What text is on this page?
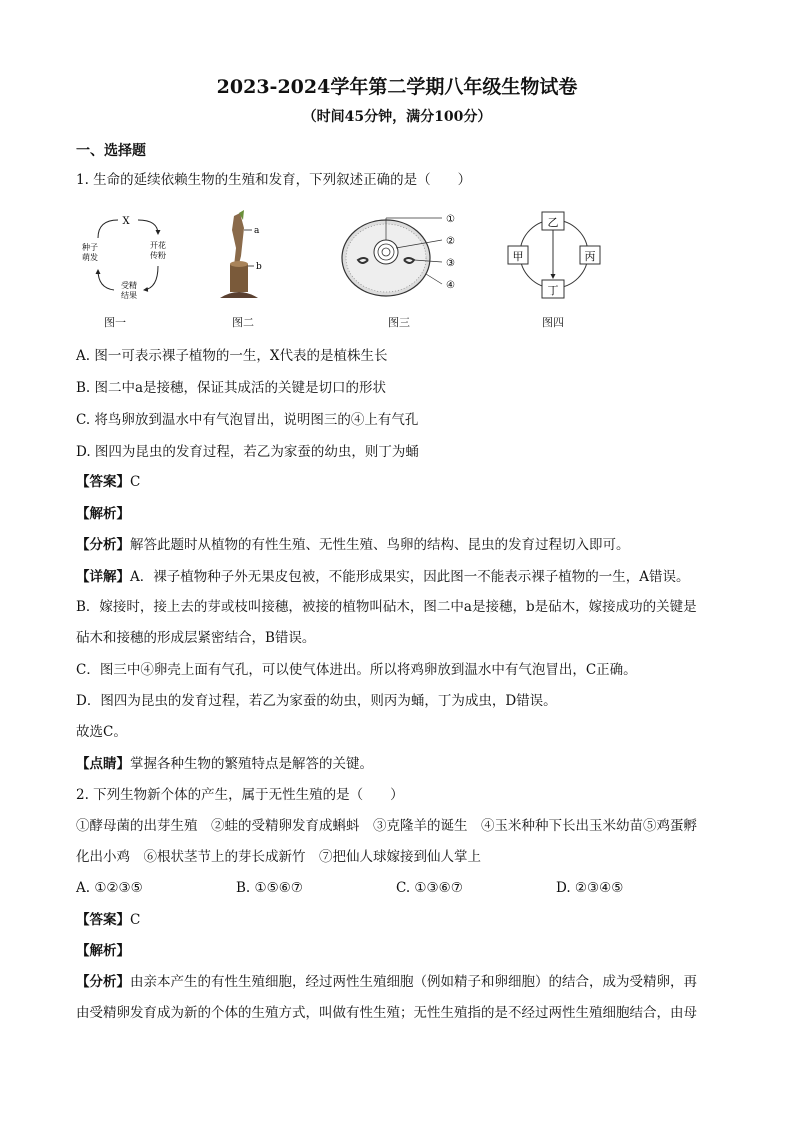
2023-2024学年第二学期八年级生物试卷
（时间45分钟，满分100分）
一、选择题
1. 生命的延续依赖生物的生殖和发育，下列叙述正确的是（　　）
X
种子
萌发
开花
传粉
受精
结果
图一
a
b
图二
①
②
③
④
图三
乙
丙
丁
甲
图四
A. 图一可表示裸子植物的一生，X代表的是植株生长
B. 图二中a是接穗，保证其成活的关键是切口的形状
C. 将鸟卵放到温水中有气泡冒出，说明图三的④上有气孔
D. 图四为昆虫的发育过程，若乙为家蚕的幼虫，则丁为蛹
【答案】C
【解析】
【分析】解答此题时从植物的有性生殖、无性生殖、鸟卵的结构、昆虫的发育过程切入即可。
【详解】A．裸子植物种子外无果皮包被，不能形成果实，因此图一不能表示裸子植物的一生，A错误。
B．嫁接时，接上去的芽或枝叫接穗，被接的植物叫砧木，图二中a是接穗，b是砧木，嫁接成功的关键是
砧木和接穗的形成层紧密结合，B错误。
C．图三中④卵壳上面有气孔，可以使气体进出。所以将鸡卵放到温水中有气泡冒出，C正确。
D．图四为昆虫的发育过程，若乙为家蚕的幼虫，则丙为蛹，丁为成虫，D错误。
故选C。
【点睛】掌握各种生物的繁殖特点是解答的关键。
2. 下列生物新个体的产生，属于无性生殖的是（　　）
①酵母菌的出芽生殖　②蛙的受精卵发育成蝌蚪　③克隆羊的诞生　④玉米种种下长出玉米幼苗⑤鸡蛋孵
化出小鸡　⑥根状茎节上的芽长成新竹　⑦把仙人球嫁接到仙人掌上
A. ①②③⑤	B. ①⑤⑥⑦	C. ①③⑥⑦	D. ②③④⑤
【答案】C
【解析】
【分析】由亲本产生的有性生殖细胞，经过两性生殖细胞（例如精子和卵细胞）的结合，成为受精卵，再
由受精卵发育成为新的个体的生殖方式，叫做有性生殖；无性生殖指的是不经过两性生殖细胞结合，由母
